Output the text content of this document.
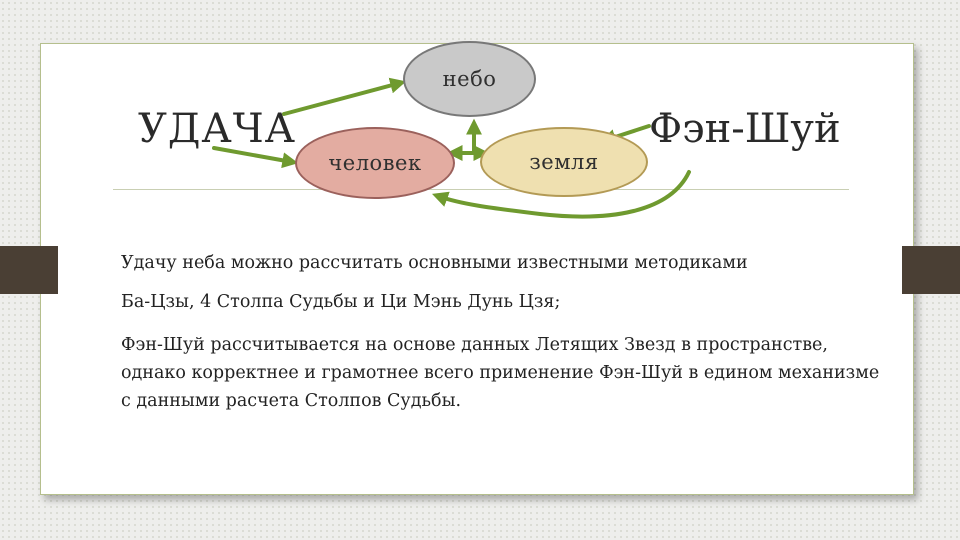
небо
человек	земля
УДАЧА	Фэн-Шуй
Удачу неба можно рассчитать основными известными методиками
Ба-Цзы, 4 Столпа Судьбы и Ци Мэнь Дунь Цзя;
Фэн-Шуй рассчитывается на основе данных Летящих Звезд в пространстве, однако корректнее и грамотнее всего применение Фэн-Шуй в едином механизме с данными расчета Столпов Судьбы.
